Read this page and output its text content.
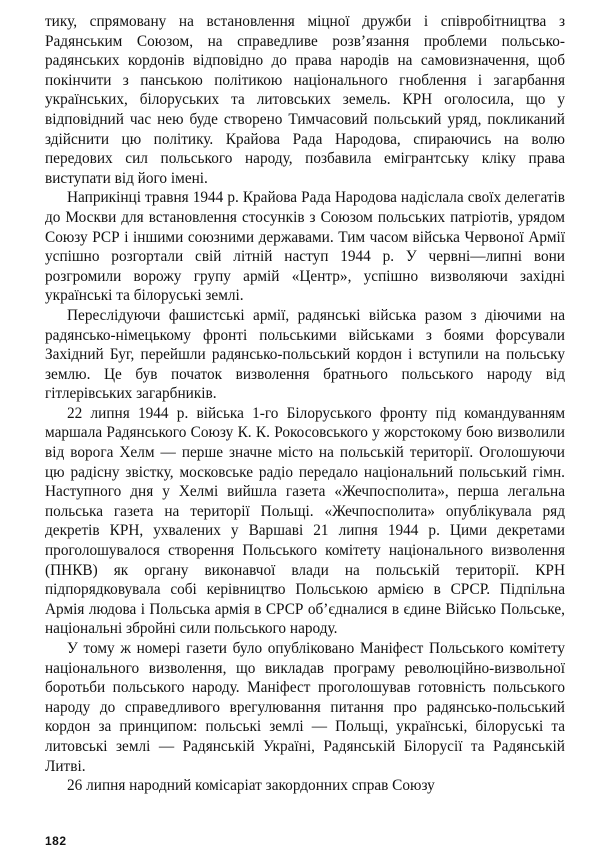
тику, спрямовану на встановлення міцної дружби і співробітництва з Радянським Союзом, на справедливе розв’язання проблеми польсько-радянських кордонів відповідно до права народів на самовизначення, щоб покінчити з панською політикою національного гноблення і загарбання українських, білоруських та литовських земель. КРН оголосила, що у відповідний час нею буде створено Тимчасовий польський уряд, покликаний здійснити цю політику. Крайова Рада Народова, спираючись на волю передових сил польського народу, позбавила емігрантську кліку права виступати від його імені.

Наприкінці травня 1944 р. Крайова Рада Народова надіслала своїх делегатів до Москви для встановлення стосунків з Союзом польських патріотів, урядом Союзу РСР і іншими союзними державами. Тим часом війська Червоної Армії успішно розгортали свій літній наступ 1944 р. У червні—липні вони розгромили ворожу групу армій «Центр», успішно визволяючи західні українські та білоруські землі.

Переслідуючи фашистські армії, радянські війська разом з діючими на радянсько-німецькому фронті польськими військами з боями форсували Західний Буг, перейшли радянсько-польський кордон і вступили на польську землю. Це був початок визволення братнього польського народу від гітлерівських загарбників.

22 липня 1944 р. війська 1-го Білоруського фронту під командуванням маршала Радянського Союзу К. К. Рокосовського у жорстокому бою визволили від ворога Хелм — перше значне місто на польській території. Оголошуючи цю радісну звістку, московське радіо передало національний польський гімн. Наступного дня у Хелмі вийшла газета «Жечпосполита», перша легальна польська газета на території Польщі. «Жечпосполита» опублікувала ряд декретів КРН, ухвалених у Варшаві 21 липня 1944 р. Цими декретами проголошувалося створення Польського комітету національного визволення (ПНКВ) як органу виконавчої влади на польській території. КРН підпорядковувала собі керівництво Польською армією в СРСР. Підпільна Армія людова і Польська армія в СРСР об’єдналися в єдине Військо Польське, національні збройні сили польського народу.

У тому ж номері газети було опубліковано Маніфест Польського комітету національного визволення, що викладав програму революційно-визвольної боротьби польського народу. Маніфест проголошував готовність польського народу до справедливого врегулювання питання про радянсько-польський кордон за принципом: польські землі — Польщі, українські, білоруські та литовські землі — Радянській Україні, Радянській Білорусії та Радянській Литві.

26 липня народний комісаріат закордонних справ Союзу

182
